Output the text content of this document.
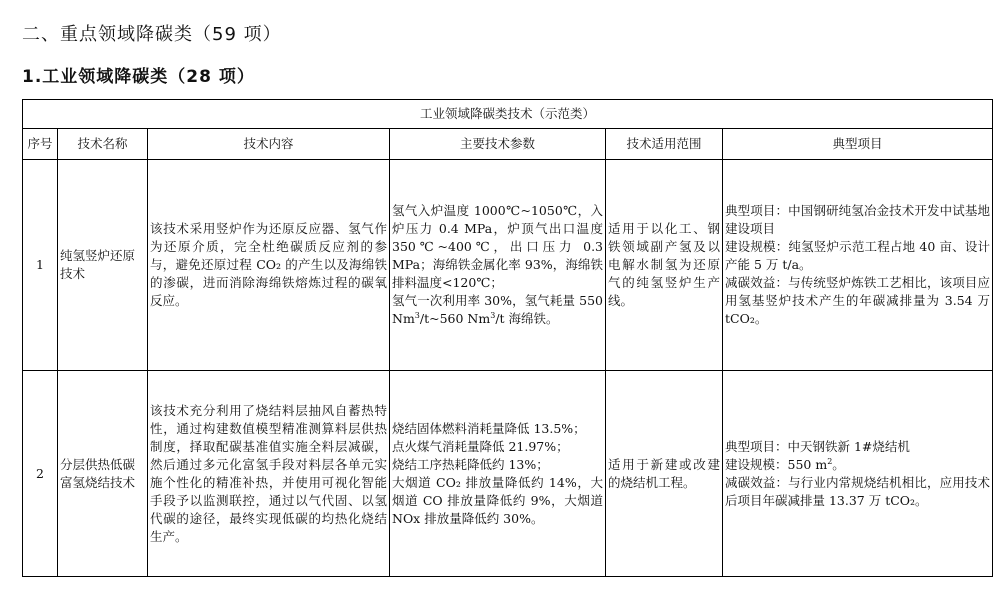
二、重点领域降碳类（59 项）
1.工业领域降碳类（28 项）
工业领域降碳类技术（示范类）					
序号	技术名称	技术内容	主要技术参数	技术适用范围	典型项目
1	纯氢竖炉还原技术	该技术采用竖炉作为还原反应器、氢气作为还原介质，完全杜绝碳质反应剂的参与，避免还原过程 CO₂ 的产生以及海绵铁的渗碳，进而消除海绵铁熔炼过程的碳氧反应。	氢气入炉温度 1000℃~1050℃，入炉压力 0.4 MPa，炉顶气出口温度 350℃~400℃，出口压力 0.3 MPa；海绵铁金属化率 93%，海绵铁排料温度<120℃；
氢气一次利用率 30%，氢气耗量 550 Nm$^3$/t~560 Nm$^3$/t 海绵铁。	适用于以化工、钢铁领域副产氢及以电解水制氢为还原气的纯氢竖炉生产线。	典型项目：中国钢研纯氢冶金技术开发中试基地建设项目
建设规模：纯氢竖炉示范工程占地 40 亩、设计产能 5 万 t/a。
减碳效益：与传统竖炉炼铁工艺相比，该项目应用氢基竖炉技术产生的年碳减排量为 3.54 万 tCO₂。

2	分层供热低碳富氢烧结技术	该技术充分利用了烧结料层抽风自蓄热特性，通过构建数值模型精准测算料层供热制度，择取配碳基准值实施全料层减碳，然后通过多元化富氢手段对料层各单元实施个性化的精准补热，并使用可视化智能手段予以监测联控，通过以气代固、以氢代碳的途径，最终实现低碳的均热化烧结生产。	烧结固体燃料消耗量降低 13.5%；
点火煤气消耗量降低 21.97%；
烧结工序热耗降低约 13%；
大烟道 CO₂ 排放量降低约 14%，大烟道 CO 排放量降低约 9%，大烟道 NOx 排放量降低约 30%。	适用于新建或改建的烧结机工程。	典型项目：中天钢铁新 1#烧结机
建设规模：550 $m^2$。
减碳效益：与行业内常规烧结机相比，应用技术后项目年碳减排量 13.37 万 tCO₂。
